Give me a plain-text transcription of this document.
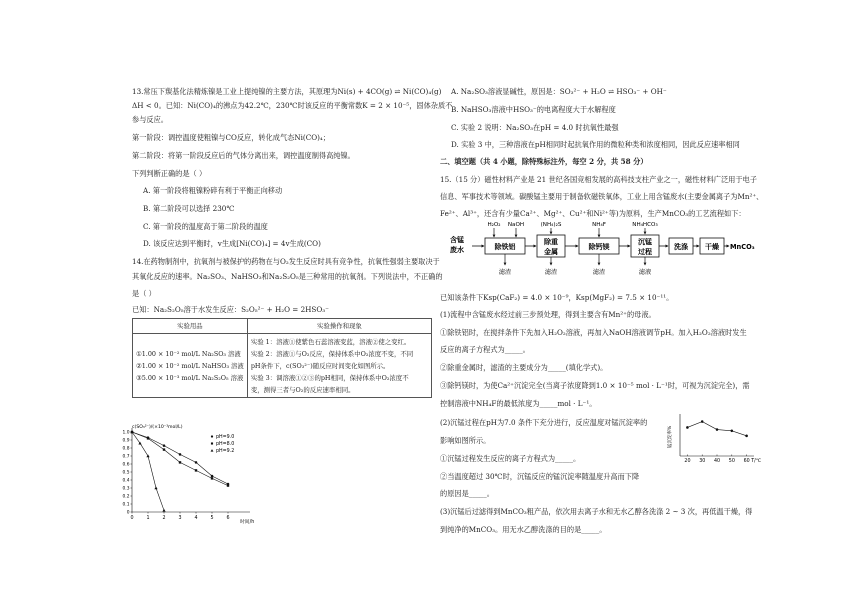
13.常压下羰基化法精炼镍是工业上提纯镍的主要方法，其原理为Ni(s) + 4CO(g) ⇌ Ni(CO)₄(g)
ΔH < 0。已知：Ni(CO)₄的沸点为42.2℃，230℃时该反应的平衡常数K = 2 × 10⁻⁵，固体杂质不
参与反应。
第一阶段：调控温度使粗镍与CO反应，转化成气态Ni(CO)₄；
第二阶段：将第一阶段反应后的气体分离出来，调控温度制得高纯镍。
下列判断正确的是（ ）
A. 第一阶段将粗镍粉碎有利于平衡正向移动
B. 第二阶段可以选择 230℃
C. 第一阶段的温度高于第二阶段的温度
D. 该反应达到平衡时，v生成[Ni(CO)₄] = 4v生成(CO)
14.在药物制剂中，抗氧剂与被保护的药物在与O₂发生反应时具有竞争性，抗氧性强弱主要取决于
其氧化反应的速率。Na₂SO₃、NaHSO₃和Na₂S₂O₅是三种常用的抗氧剂。下列说法中，不正确的
是（ ）
已知：Na₂S₂O₅溶于水发生反应：S₂O₅²⁻ + H₂O = 2HSO₃⁻
实验用品	实验操作和现象

①1.00 × 10⁻² mol/L Na₂SO₃ 溶液
②1.00 × 10⁻² mol/L NaHSO₃ 溶液
③5.00 × 10⁻³ mol/L Na₂S₂O₅ 溶液	实验 1：溶液①使紫色石蕊溶液变蓝，溶液②使之变红。
实验 2：溶液①与O₂反应，保持体系中O₂浓度不变，不同
pH条件下，c(SO₃²⁻)随反应时间变化如图所示。
实验 3：调溶液①②③的pH相同，保持体系中O₂浓度不
变，测得三者与O₂的反应速率相同。
c(SO₃²⁻)/(×10⁻³mol/L)
时间/h
0	1	2	3	4	5	6
0
0.1
0.2
0.3
0.4
0.5
0.6
0.7
0.8
0.9
1.0
pH=9.0
pH=8.0
pH=9.2
A. Na₂SO₃溶液显碱性，原因是：SO₃²⁻ + H₂O ⇌ HSO₃⁻ + OH⁻
B. NaHSO₃溶液中HSO₃⁻的电离程度大于水解程度
C. 实验 2 说明：Na₂SO₃在pH = 4.0 时抗氧性最强
D. 实验 3 中，三种溶液在pH相同时起抗氧作用的微粒种类和浓度相同，因此反应速率相同
二、填空题（共 4 小题，除特殊标注外，每空 2 分，共 58 分）
15.（15 分）磁性材料产业是 21 世纪各国竞相发展的高科技支柱产业之一，磁性材料广泛用于电子
信息、军事技术等领域。碳酸锰主要用于制备软磁铁氧体，工业上用含锰废水(主要金属离子为Mn²⁺、
Fe²⁺、Al³⁺，还含有少量Ca²⁺、Mg²⁺、Cu²⁺和Ni²⁺等)为原料，生产MnCO₃的工艺流程如下：
已知该条件下Ksp(CaF₂) = 4.0 × 10⁻⁹，Ksp(MgF₂) = 7.5 × 10⁻¹¹。
(1)流程中含锰废水经过前三步预处理，得到主要含有Mn²⁺的母液。
①除铁铝时，在搅拌条件下先加入H₂O₂溶液，再加入NaOH溶液调节pH。加入H₂O₂溶液时发生
反应的离子方程式为_____。
②除重金属时，滤渣的主要成分为_____(填化学式)。
③除钙镁时，为使Ca²⁺沉淀完全(当离子浓度降到1.0 × 10⁻⁵ mol · L⁻¹时，可视为沉淀完全)，需
控制溶液中NH₄F的最低浓度为_____mol · L⁻¹。
(2)沉锰过程在pH为7.0 条件下充分进行，反应温度对锰沉淀率的
影响如图所示。
①沉锰过程发生反应的离子方程式为_____。
②当温度超过 30℃时，沉锰反应的锰沉淀率随温度升高而下降
的原因是_____。
(3)沉锰后过滤得到MnCO₃粗产品，依次用去离子水和无水乙醇各洗涤 2 ~ 3 次，再低温干燥，得
到纯净的MnCO₃。用无水乙醇洗涤的目的是_____。
含锰
废水	除铁铝
H₂O₂ NaOH
滤渣
除重
金属
(NH₄)₂S
滤渣
除钙镁
NH₄F
滤渣
沉锰
过程
NH₄HCO₃
滤液
洗涤 干燥 MnCO₃
锰沉淀率%
20 30 40 50 60 T/℃
